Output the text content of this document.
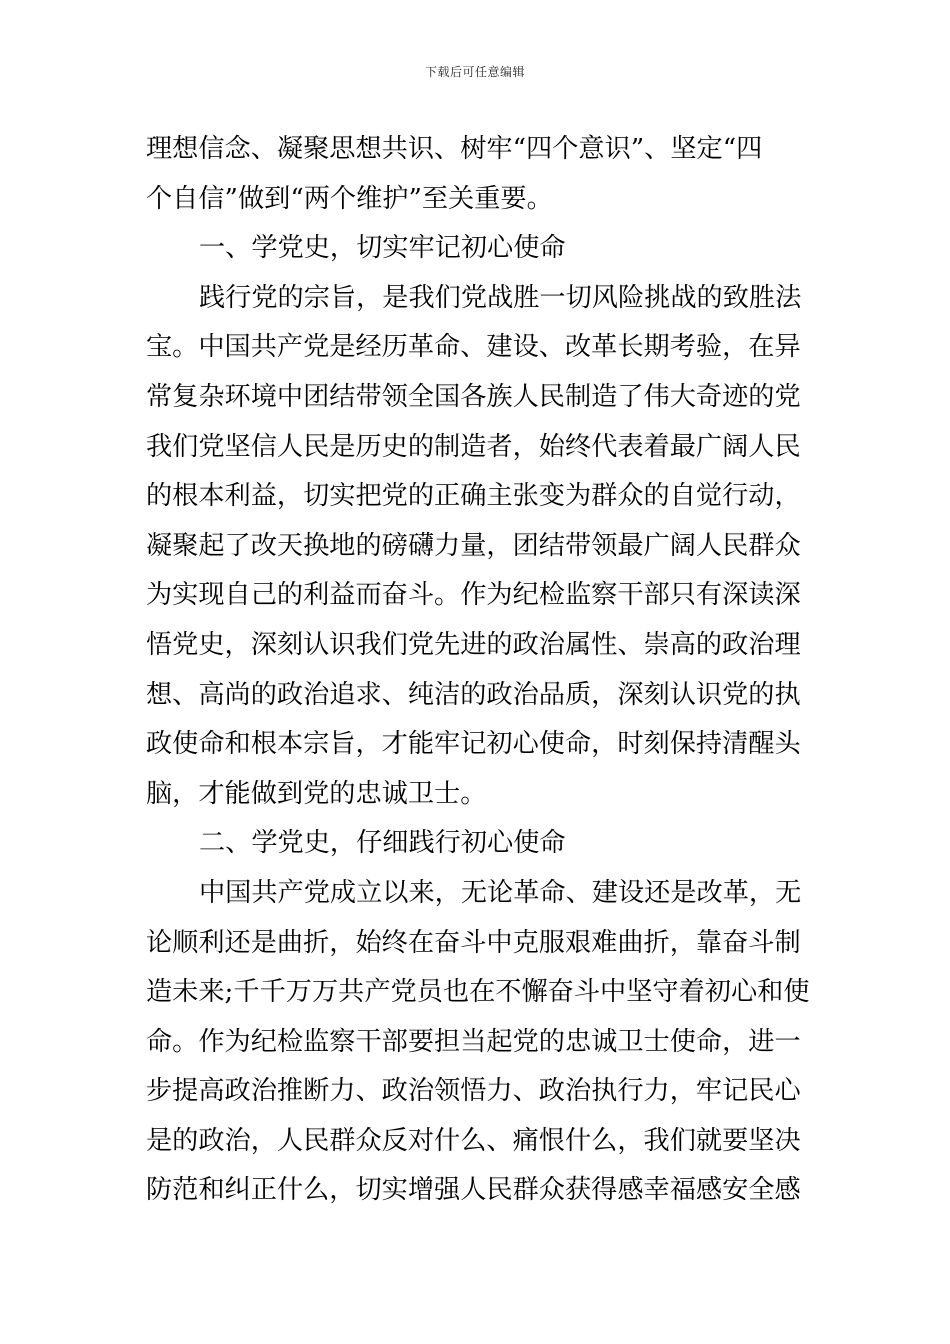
下载后可任意编辑
理想信念、凝聚思想共识、树牢“四个意识”、坚定“四
个自信”做到“两个维护”至关重要。
一、学党史，切实牢记初心使命
践行党的宗旨，是我们党战胜一切风险挑战的致胜法
宝。中国共产党是经历革命、建设、改革长期考验，在异
常复杂环境中团结带领全国各族人民制造了伟大奇迹的党
我们党坚信人民是历史的制造者，始终代表着最广阔人民
的根本利益，切实把党的正确主张变为群众的自觉行动，
凝聚起了改天换地的磅礴力量，团结带领最广阔人民群众
为实现自己的利益而奋斗。作为纪检监察干部只有深读深
悟党史，深刻认识我们党先进的政治属性、崇高的政治理
想、高尚的政治追求、纯洁的政治品质，深刻认识党的执
政使命和根本宗旨，才能牢记初心使命，时刻保持清醒头
脑，才能做到党的忠诚卫士。
二、学党史，仔细践行初心使命
中国共产党成立以来，无论革命、建设还是改革，无
论顺利还是曲折，始终在奋斗中克服艰难曲折，靠奋斗制
造未来;千千万万共产党员也在不懈奋斗中坚守着初心和使
命。作为纪检监察干部要担当起党的忠诚卫士使命，进一
步提高政治推断力、政治领悟力、政治执行力，牢记民心
是的政治，人民群众反对什么、痛恨什么，我们就要坚决
防范和纠正什么，切实增强人民群众获得感幸福感安全感
